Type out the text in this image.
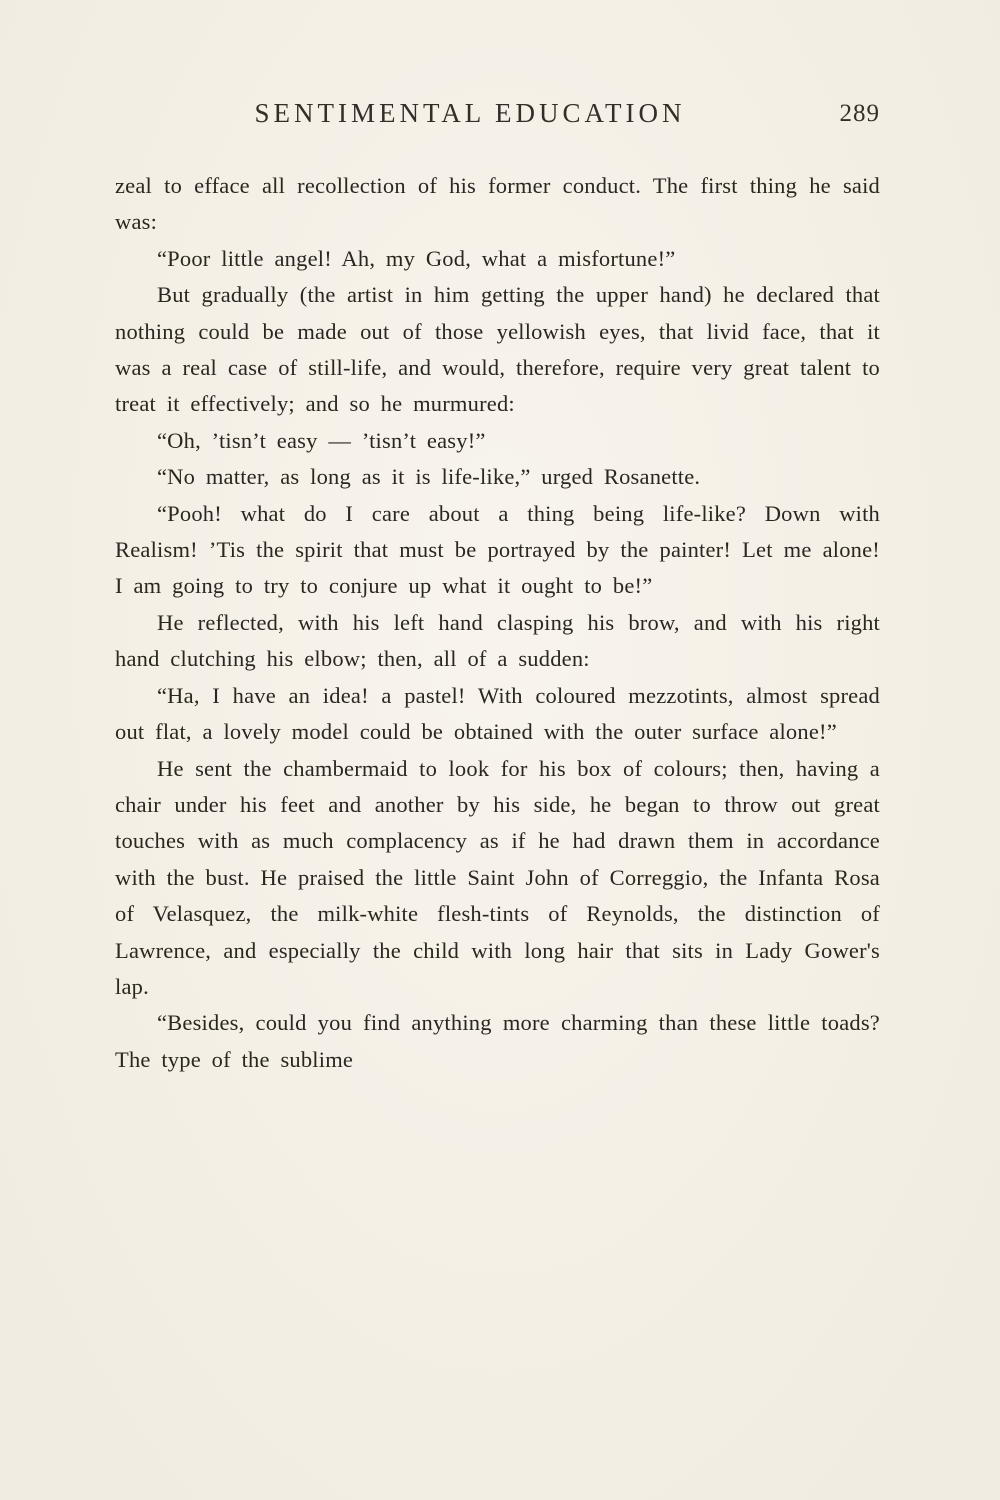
SENTIMENTAL EDUCATION	289

zeal to efface all recollection of his former conduct. The first thing he said was:

“Poor little angel! Ah, my God, what a misfortune!”

But gradually (the artist in him getting the upper hand) he declared that nothing could be made out of those yellowish eyes, that livid face, that it was a real case of still-life, and would, therefore, require very great talent to treat it effectively; and so he murmured:

“Oh, ’tisn’t easy — ’tisn’t easy!”

“No matter, as long as it is life-like,” urged Rosanette.

“Pooh! what do I care about a thing being life-like? Down with Realism! ’Tis the spirit that must be portrayed by the painter! Let me alone! I am going to try to conjure up what it ought to be!”

He reflected, with his left hand clasping his brow, and with his right hand clutching his elbow; then, all of a sudden:

“Ha, I have an idea! a pastel! With coloured mezzotints, almost spread out flat, a lovely model could be obtained with the outer surface alone!”

He sent the chambermaid to look for his box of colours; then, having a chair under his feet and another by his side, he began to throw out great touches with as much complacency as if he had drawn them in accordance with the bust. He praised the little Saint John of Correggio, the Infanta Rosa of Velasquez, the milk-white flesh-tints of Reynolds, the distinction of Lawrence, and especially the child with long hair that sits in Lady Gower's lap.

“Besides, could you find anything more charming than these little toads? The type of the sublime
